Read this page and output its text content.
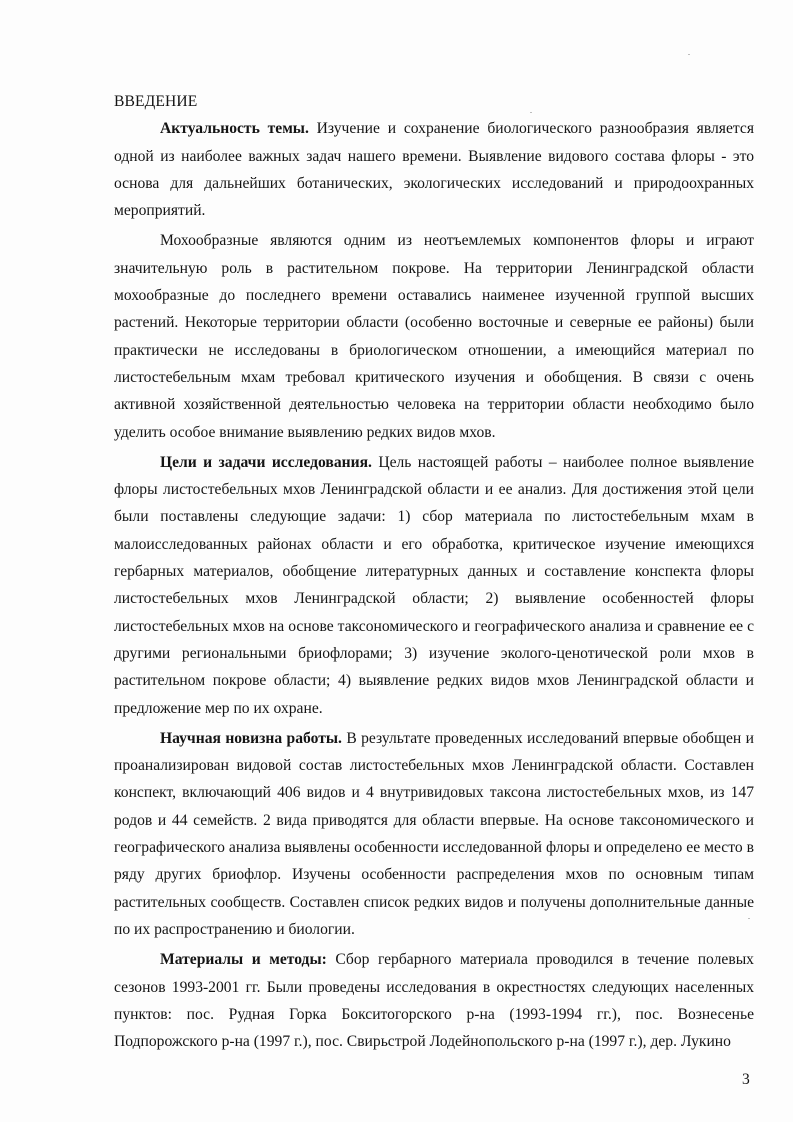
ВВЕДЕНИЕ

Актуальность темы. Изучение и сохранение биологического разнообразия является одной из наиболее важных задач нашего времени. Выявление видового состава флоры - это основа для дальнейших ботанических, экологических исследований и природоохранных мероприятий.

Мохообразные являются одним из неотъемлемых компонентов флоры и играют значительную роль в растительном покрове. На территории Ленинградской области мохообразные до последнего времени оставались наименее изученной группой высших растений. Некоторые территории области (особенно восточные и северные ее районы) были практически не исследованы в бриологическом отношении, а имеющийся материал по листостебельным мхам требовал критического изучения и обобщения. В связи с очень активной хозяйственной деятельностью человека на территории области необходимо было уделить особое внимание выявлению редких видов мхов.

Цели и задачи исследования. Цель настоящей работы – наиболее полное выявление флоры листостебельных мхов Ленинградской области и ее анализ. Для достижения этой цели были поставлены следующие задачи: 1) сбор материала по листостебельным мхам в малоисследованных районах области и его обработка, критическое изучение имеющихся гербарных материалов, обобщение литературных данных и составление конспекта флоры листостебельных мхов Ленинградской области; 2) выявление особенностей флоры листостебельных мхов на основе таксономического и географического анализа и сравнение ее с другими региональными бриофлорами; 3) изучение эколого-ценотической роли мхов в растительном покрове области; 4) выявление редких видов мхов Ленинградской области и предложение мер по их охране.

Научная новизна работы. В результате проведенных исследований впервые обобщен и проанализирован видовой состав листостебельных мхов Ленинградской области. Составлен конспект, включающий 406 видов и 4 внутривидовых таксона листостебельных мхов, из 147 родов и 44 семейств. 2 вида приводятся для области впервые. На основе таксономического и географического анализа выявлены особенности исследованной флоры и определено ее место в ряду других бриофлор. Изучены особенности распределения мхов по основным типам растительных сообществ. Составлен список редких видов и получены дополнительные данные по их распространению и биологии.

Материалы и методы: Сбор гербарного материала проводился в течение полевых сезонов 1993-2001 гг. Были проведены исследования в окрестностях следующих населенных пунктов: пос. Рудная Горка Бокситогорского р-на (1993-1994 гг.), пос. Вознесенье Подпорожского р-на (1997 г.), пос. Свирьстрой Лодейнопольского р-на (1997 г.), дер. Лукино

3
